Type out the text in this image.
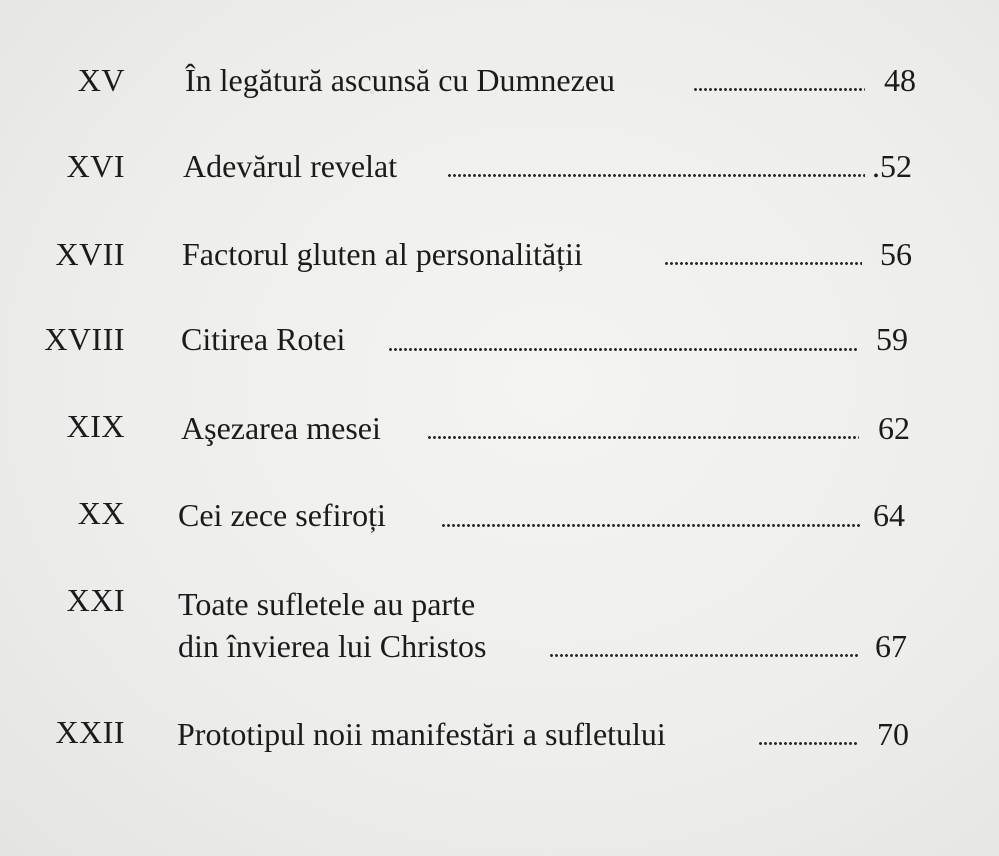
XV În legătură ascunsă cu Dumnezeu	48
XVI Adevărul revelat	.52
XVII Factorul gluten al personalității	56
XVIII Citirea Rotei	59
XIX Aşezarea mesei	62
XX Cei zece sefiroți	64
XXI Toate sufletele au parte
din învierea lui Christos	67
XXII Prototipul noii manifestări a sufletului	70
